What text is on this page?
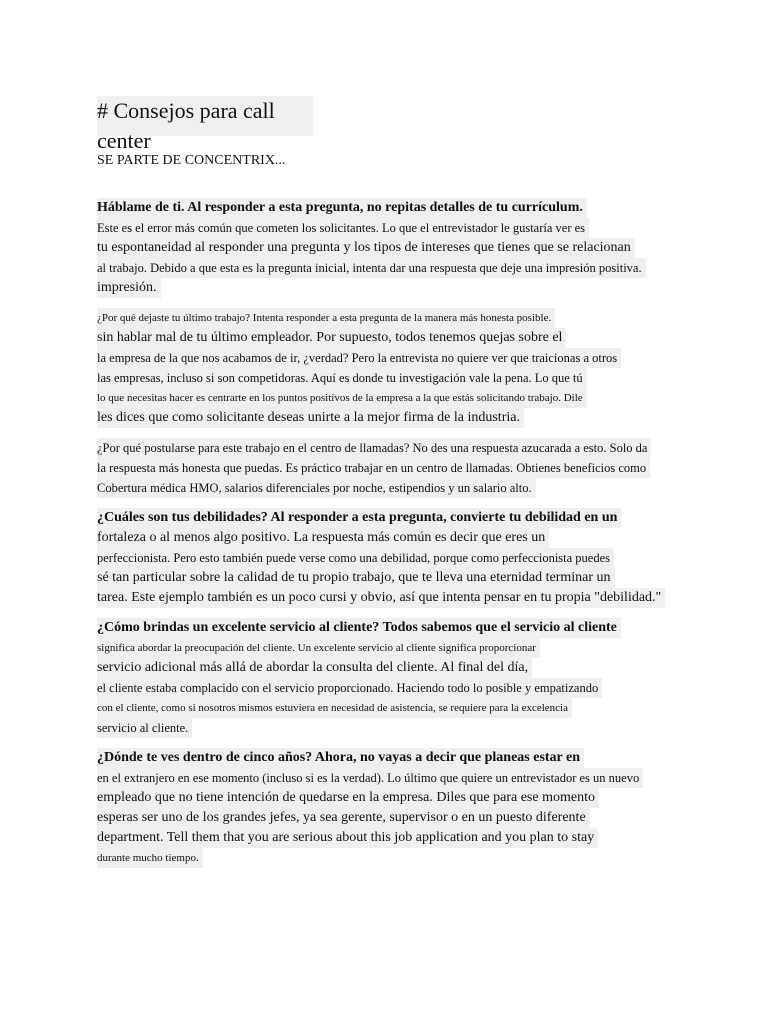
# Consejos para call center
SE PARTE DE CONCENTRIX...
Háblame de ti. Al responder a esta pregunta, no repitas detalles de tu currículum.
Este es el error más común que cometen los solicitantes. Lo que el entrevistador le gustaría ver es
tu espontaneidad al responder una pregunta y los tipos de intereses que tienes que se relacionan
al trabajo. Debido a que esta es la pregunta inicial, intenta dar una respuesta que deje una impresión positiva.
impresión.
¿Por qué dejaste tu último trabajo? Intenta responder a esta pregunta de la manera más honesta posible.
sin hablar mal de tu último empleador. Por supuesto, todos tenemos quejas sobre el
la empresa de la que nos acabamos de ir, ¿verdad? Pero la entrevista no quiere ver que traicionas a otros
las empresas, incluso si son competidoras. Aquí es donde tu investigación vale la pena. Lo que tú
lo que necesitas hacer es centrarte en los puntos positivos de la empresa a la que estás solicitando trabajo. Dile
les dices que como solicitante deseas unirte a la mejor firma de la industria.
¿Por qué postularse para este trabajo en el centro de llamadas? No des una respuesta azucarada a esto. Solo da
la respuesta más honesta que puedas. Es práctico trabajar en un centro de llamadas. Obtienes beneficios como
Cobertura médica HMO, salarios diferenciales por noche, estipendios y un salario alto.
¿Cuáles son tus debilidades? Al responder a esta pregunta, convierte tu debilidad en un
fortaleza o al menos algo positivo. La respuesta más común es decir que eres un
perfeccionista. Pero esto también puede verse como una debilidad, porque como perfeccionista puedes
sé tan particular sobre la calidad de tu propio trabajo, que te lleva una eternidad terminar un
tarea. Este ejemplo también es un poco cursi y obvio, así que intenta pensar en tu propia "debilidad."
¿Cómo brindas un excelente servicio al cliente? Todos sabemos que el servicio al cliente
significa abordar la preocupación del cliente. Un excelente servicio al cliente significa proporcionar
servicio adicional más allá de abordar la consulta del cliente. Al final del día,
el cliente estaba complacido con el servicio proporcionado. Haciendo todo lo posible y empatizando
con el cliente, como si nosotros mismos estuviera en necesidad de asistencia, se requiere para la excelencia
servicio al cliente.
¿Dónde te ves dentro de cinco años? Ahora, no vayas a decir que planeas estar en
en el extranjero en ese momento (incluso si es la verdad). Lo último que quiere un entrevistador es un nuevo
empleado que no tiene intención de quedarse en la empresa. Diles que para ese momento
esperas ser uno de los grandes jefes, ya sea gerente, supervisor o en un puesto diferente
department. Tell them that you are serious about this job application and you plan to stay
durante mucho tiempo.
